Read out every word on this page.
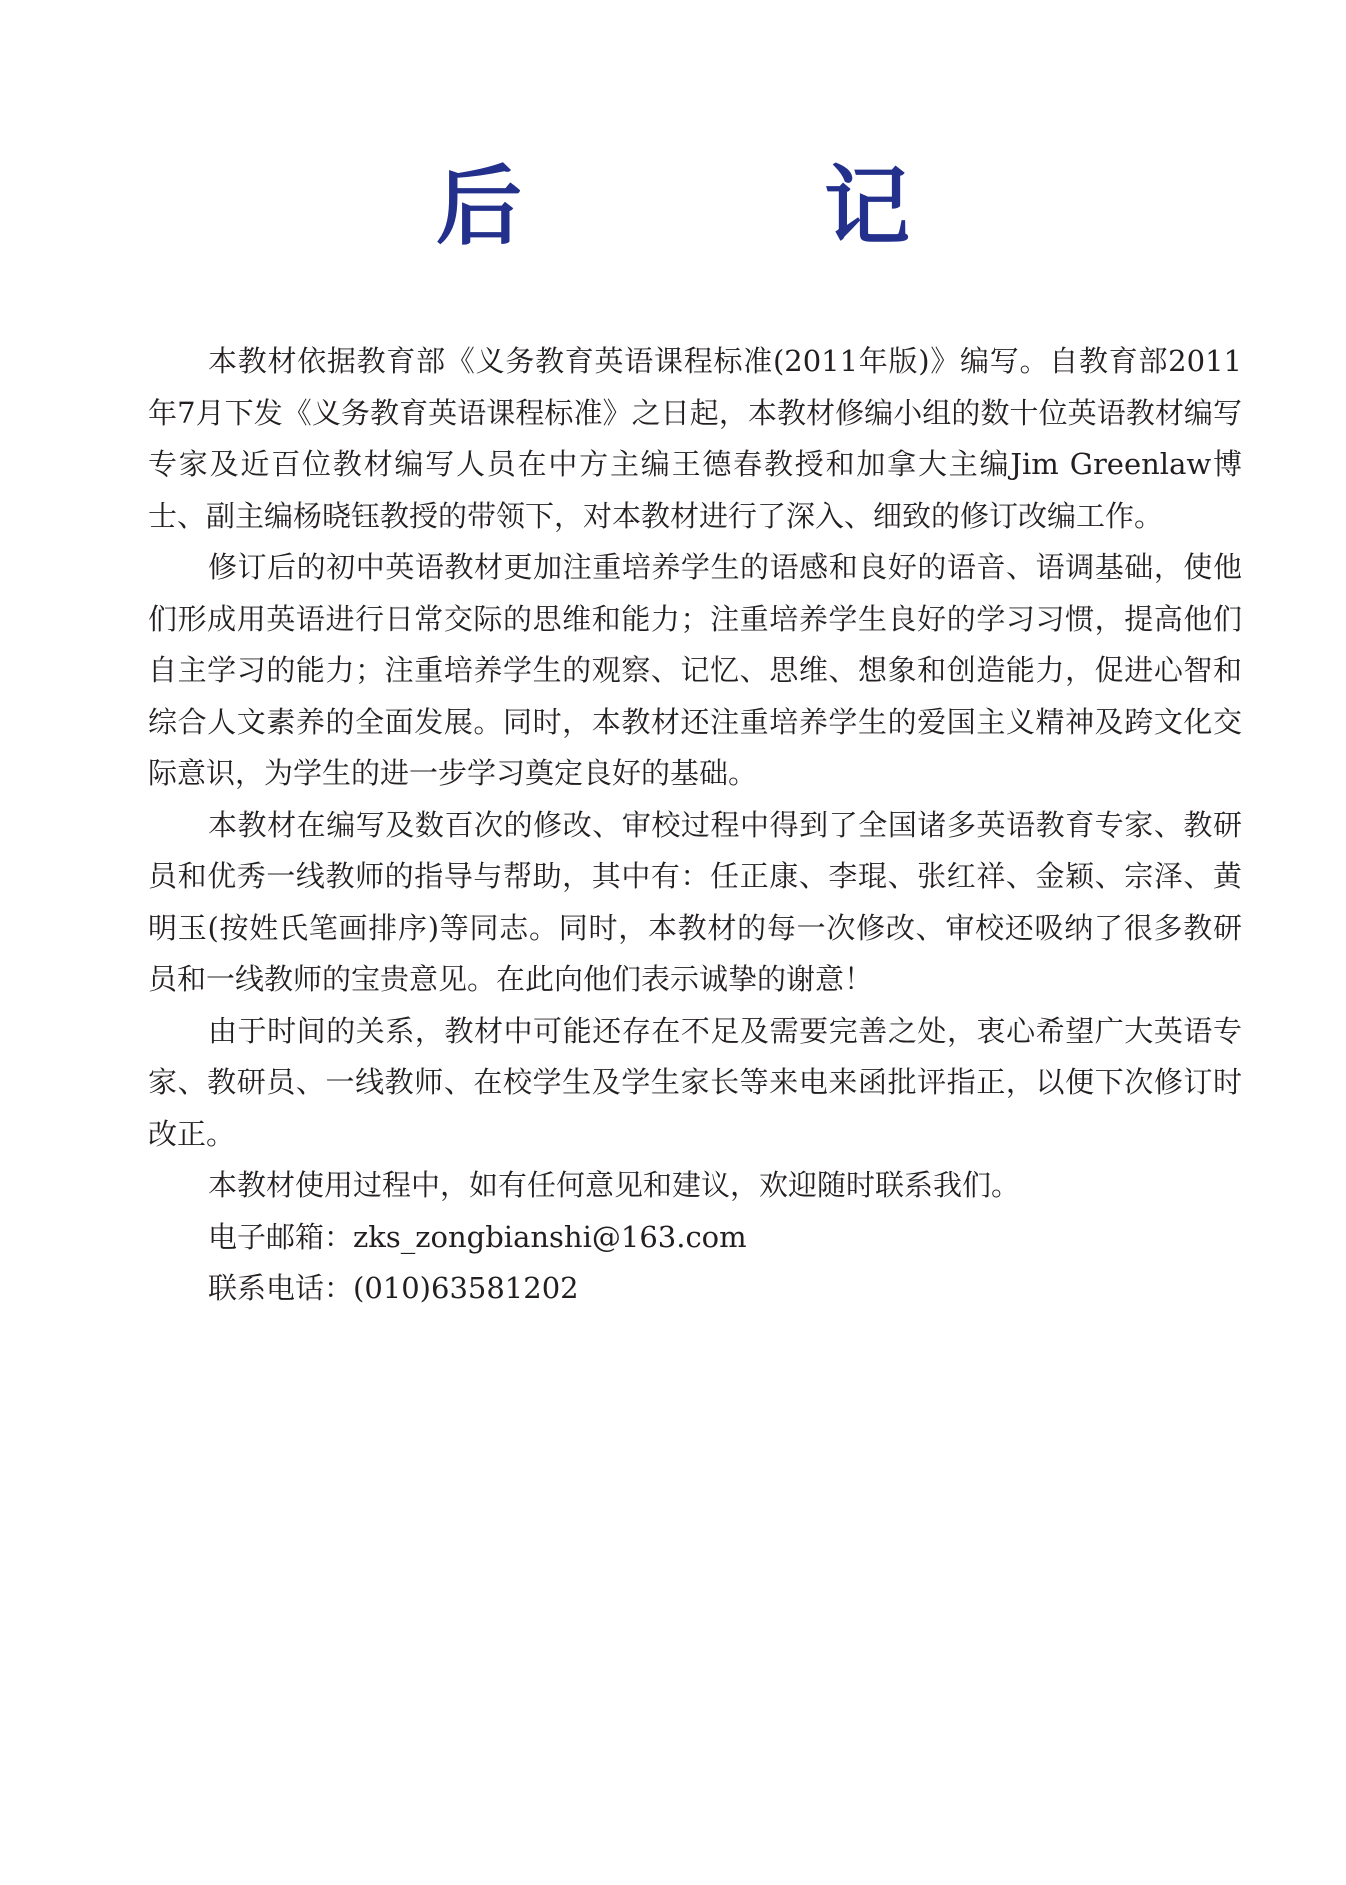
后　记

本教材依据教育部《义务教育英语课程标准(2011年版)》编写。自教育部2011年7月下发《义务教育英语课程标准》之日起，本教材修编小组的数十位英语教材编写专家及近百位教材编写人员在中方主编王德春教授和加拿大主编Jim Greenlaw博士、副主编杨晓钰教授的带领下，对本教材进行了深入、细致的修订改编工作。

修订后的初中英语教材更加注重培养学生的语感和良好的语音、语调基础，使他们形成用英语进行日常交际的思维和能力；注重培养学生良好的学习习惯，提高他们自主学习的能力；注重培养学生的观察、记忆、思维、想象和创造能力，促进心智和综合人文素养的全面发展。同时，本教材还注重培养学生的爱国主义精神及跨文化交际意识，为学生的进一步学习奠定良好的基础。

本教材在编写及数百次的修改、审校过程中得到了全国诸多英语教育专家、教研员和优秀一线教师的指导与帮助，其中有：任正康、李琨、张红祥、金颖、宗泽、黄明玉(按姓氏笔画排序)等同志。同时，本教材的每一次修改、审校还吸纳了很多教研员和一线教师的宝贵意见。在此向他们表示诚挚的谢意！

由于时间的关系，教材中可能还存在不足及需要完善之处，衷心希望广大英语专家、教研员、一线教师、在校学生及学生家长等来电来函批评指正，以便下次修订时改正。

本教材使用过程中，如有任何意见和建议，欢迎随时联系我们。

电子邮箱：zks_zongbianshi@163.com

联系电话：(010)63581202
